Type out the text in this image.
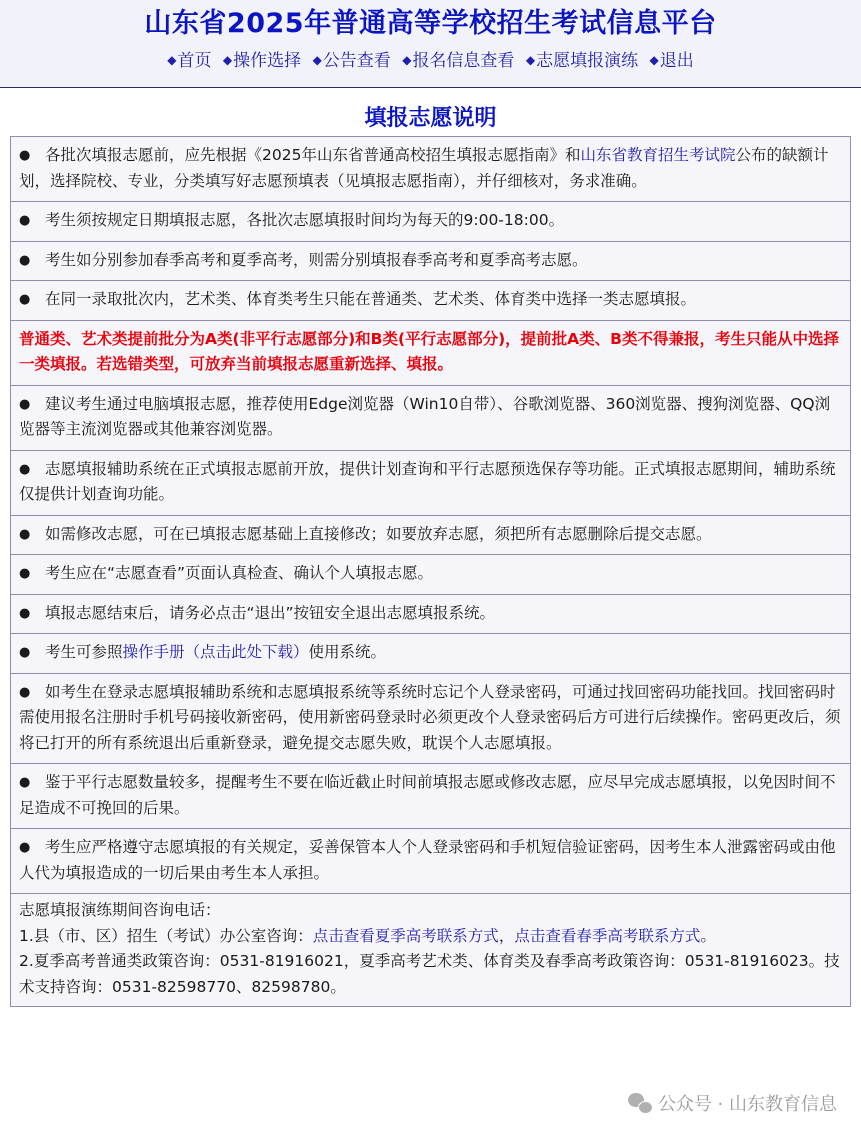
山东省2025年普通高等学校招生考试信息平台
◆首页 ◆操作选择 ◆公告查看 ◆报名信息查看 ◆志愿填报演练 ◆退出
填报志愿说明
● 各批次填报志愿前，应先根据《2025年山东省普通高校招生填报志愿指南》和山东省教育招生考试院公布的缺额计划，选择院校、专业，分类填写好志愿预填表（见填报志愿指南），并仔细核对，务求准确。
● 考生须按规定日期填报志愿，各批次志愿填报时间均为每天的9:00-18:00。
● 考生如分别参加春季高考和夏季高考，则需分别填报春季高考和夏季高考志愿。
● 在同一录取批次内，艺术类、体育类考生只能在普通类、艺术类、体育类中选择一类志愿填报。
普通类、艺术类提前批分为A类(非平行志愿部分)和B类(平行志愿部分)，提前批A类、B类不得兼报，考生只能从中选择一类填报。若选错类型，可放弃当前填报志愿重新选择、填报。
● 建议考生通过电脑填报志愿，推荐使用Edge浏览器（Win10自带）、谷歌浏览器、360浏览器、搜狗浏览器、QQ浏览器等主流浏览器或其他兼容浏览器。
● 志愿填报辅助系统在正式填报志愿前开放，提供计划查询和平行志愿预选保存等功能。正式填报志愿期间，辅助系统仅提供计划查询功能。
● 如需修改志愿，可在已填报志愿基础上直接修改；如要放弃志愿，须把所有志愿删除后提交志愿。
● 考生应在“志愿查看”页面认真检查、确认个人填报志愿。
● 填报志愿结束后，请务必点击“退出”按钮安全退出志愿填报系统。
● 考生可参照操作手册（点击此处下载）使用系统。
● 如考生在登录志愿填报辅助系统和志愿填报系统等系统时忘记个人登录密码，可通过找回密码功能找回。找回密码时需使用报名注册时手机号码接收新密码，使用新密码登录时必须更改个人登录密码后方可进行后续操作。密码更改后，须将已打开的所有系统退出后重新登录，避免提交志愿失败，耽误个人志愿填报。
● 鉴于平行志愿数量较多，提醒考生不要在临近截止时间前填报志愿或修改志愿，应尽早完成志愿填报，以免因时间不足造成不可挽回的后果。
● 考生应严格遵守志愿填报的有关规定，妥善保管本人个人登录密码和手机短信验证密码，因考生本人泄露密码或由他人代为填报造成的一切后果由考生本人承担。

志愿填报演练期间咨询电话：
1.县（市、区）招生（考试）办公室咨询：点击查看夏季高考联系方式，点击查看春季高考联系方式。
2.夏季高考普通类政策咨询：0531-81916021，夏季高考艺术类、体育类及春季高考政策咨询：0531-81916023。技术支持咨询：0531-82598770、82598780。
公众号 · 山东教育信息
